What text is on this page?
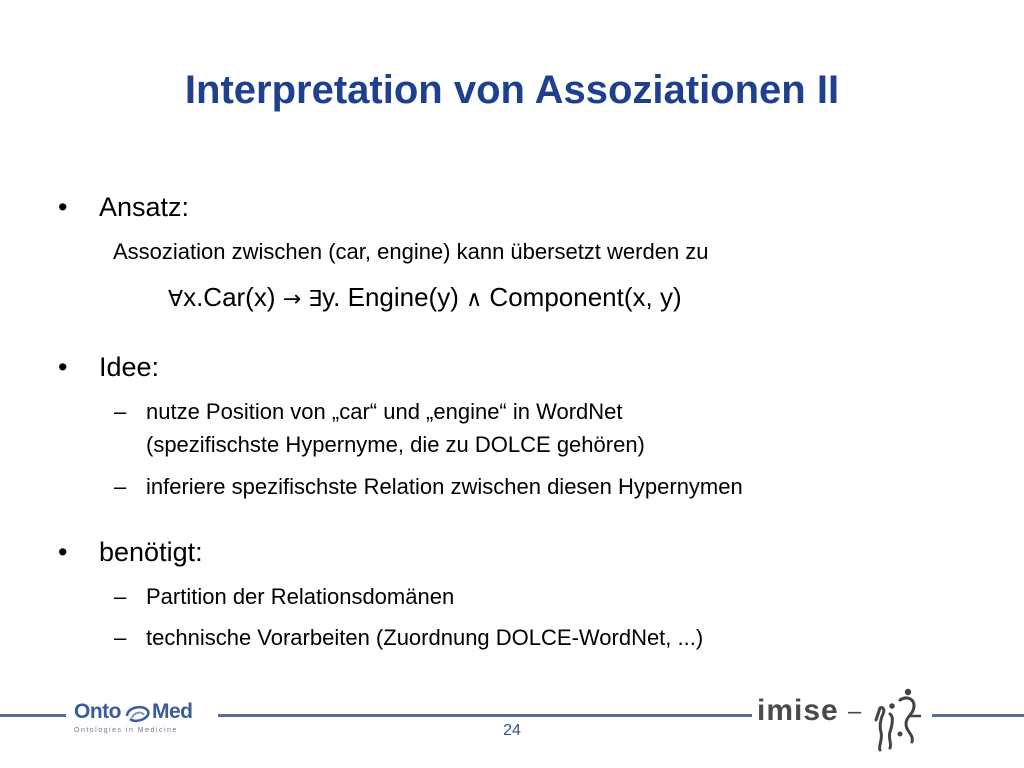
Interpretation von Assoziationen II
• Ansatz:
Assoziation zwischen (car, engine) kann übersetzt werden zu
∀x.Car(x) → ∃y. Engine(y) ∧ Component(x, y)
• Idee:
– nutze Position von „car“ und „engine“ in WordNet
(spezifischste Hypernyme, die zu DOLCE gehören)
– inferiere spezifischste Relation zwischen diesen Hypernymen
• benötigt:
– Partition der Relationsdomänen
– technische Vorarbeiten (Zuordnung DOLCE-WordNet, ...)
Onto Med
Ontologies in Medicine	24
imise –
